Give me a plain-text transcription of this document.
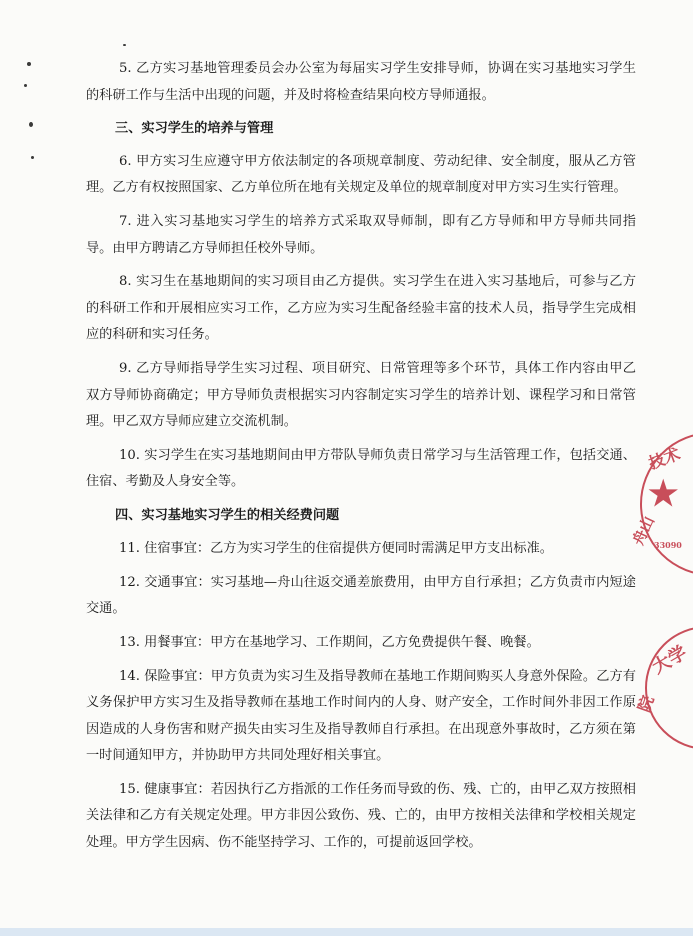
5. 乙方实习基地管理委员会办公室为每届实习学生安排导师，协调在实习基地实习学生的科研工作与生活中出现的问题，并及时将检查结果向校方导师通报。

三、实习学生的培养与管理

6. 甲方实习生应遵守甲方依法制定的各项规章制度、劳动纪律、安全制度，服从乙方管理。乙方有权按照国家、乙方单位所在地有关规定及单位的规章制度对甲方实习生实行管理。

7. 进入实习基地实习学生的培养方式采取双导师制，即有乙方导师和甲方导师共同指导。由甲方聘请乙方导师担任校外导师。

8. 实习生在基地期间的实习项目由乙方提供。实习学生在进入实习基地后，可参与乙方的科研工作和开展相应实习工作，乙方应为实习生配备经验丰富的技术人员，指导学生完成相应的科研和实习任务。

9. 乙方导师指导学生实习过程、项目研究、日常管理等多个环节，具体工作内容由甲乙双方导师协商确定；甲方导师负责根据实习内容制定实习学生的培养计划、课程学习和日常管理。甲乙双方导师应建立交流机制。

10. 实习学生在实习基地期间由甲方带队导师负责日常学习与生活管理工作，包括交通、住宿、考勤及人身安全等。

四、实习基地实习学生的相关经费问题

11. 住宿事宜：乙方为实习学生的住宿提供方便同时需满足甲方支出标准。

12. 交通事宜：实习基地—舟山往返交通差旅费用，由甲方自行承担；乙方负责市内短途交通。

13. 用餐事宜：甲方在基地学习、工作期间，乙方免费提供午餐、晚餐。

14. 保险事宜：甲方负责为实习生及指导教师在基地工作期间购买人身意外保险。乙方有义务保护甲方实习生及指导教师在基地工作时间内的人身、财产安全，工作时间外非因工作原因造成的人身伤害和财产损失由实习生及指导教师自行承担。在出现意外事故时，乙方须在第一时间通知甲方，并协助甲方共同处理好相关事宜。

15. 健康事宜：若因执行乙方指派的工作任务而导致的伤、残、亡的，由甲乙双方按照相关法律和乙方有关规定处理。甲方非因公致伤、残、亡的，由甲方按相关法律和学校相关规定处理。甲方学生因病、伤不能坚持学习、工作的，可提前返回学校。

技术
★
舟山
33090
大学
院
